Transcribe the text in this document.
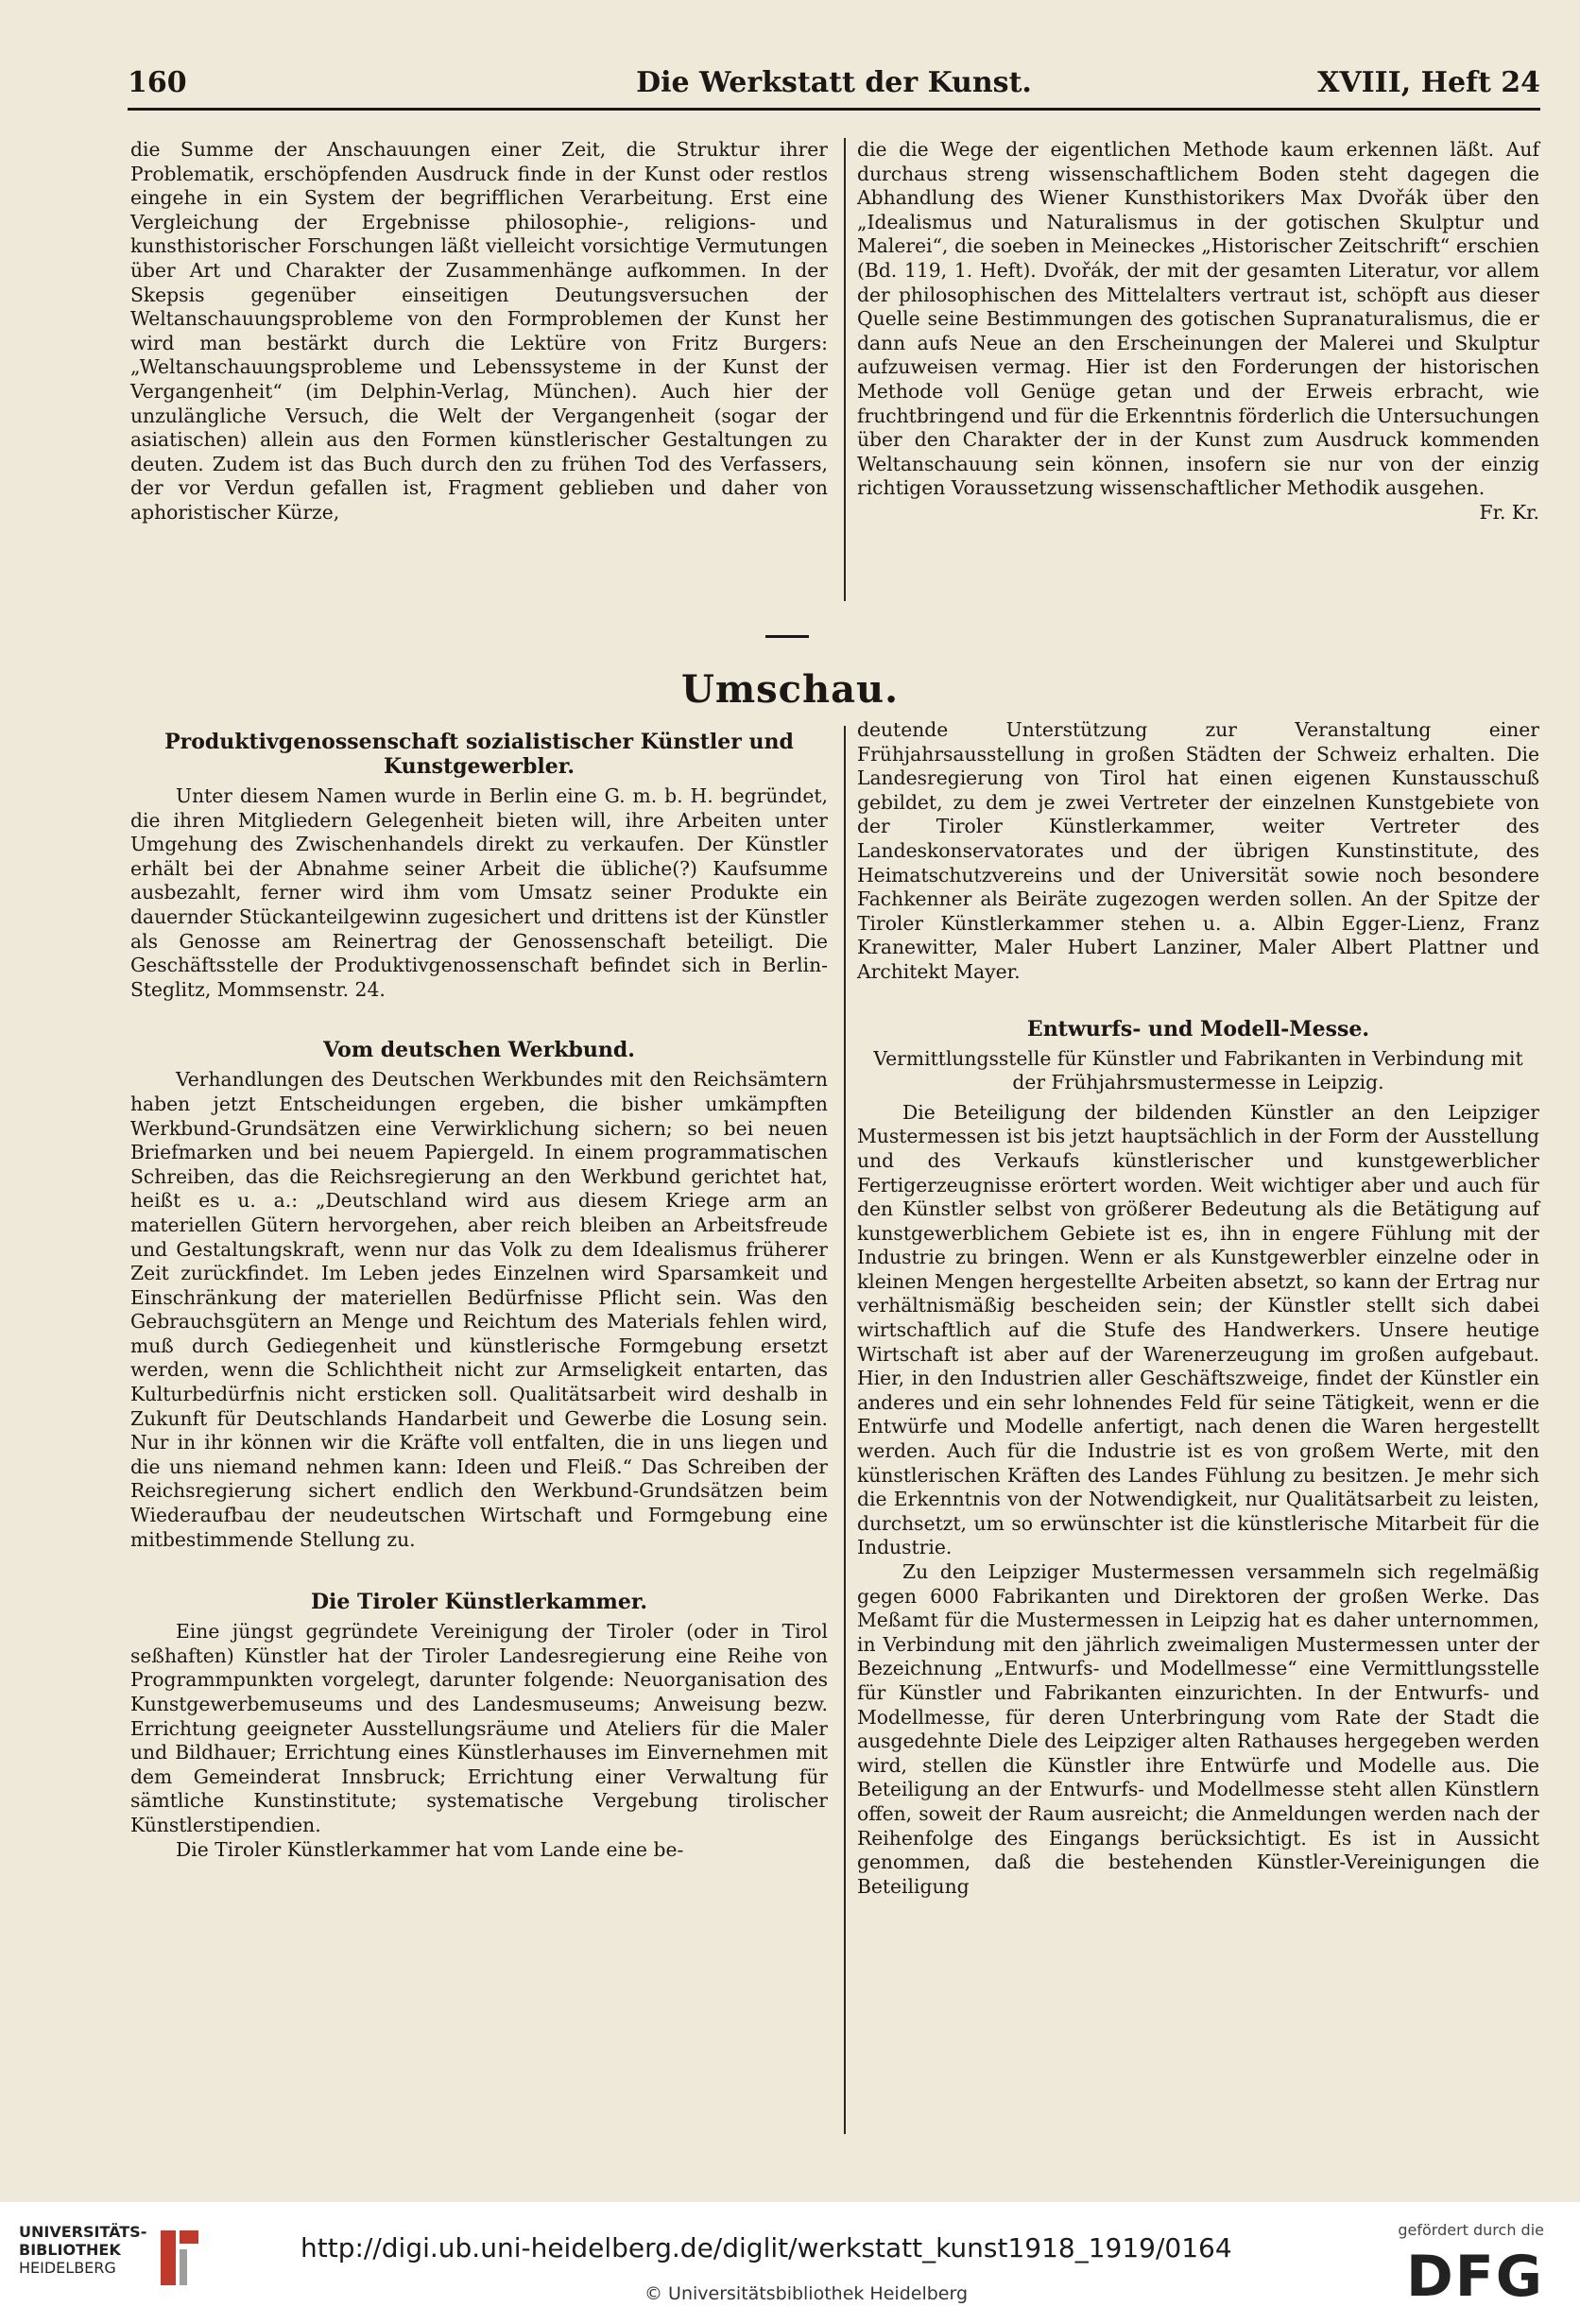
160	Die Werkstatt der Kunst.	XVIII, Heft 24

die Summe der Anschauungen einer Zeit, die Struktur ihrer Problematik, erschöpfenden Ausdruck finde in der Kunst oder restlos eingehe in ein System der begrifflichen Verarbeitung. Erst eine Vergleichung der Ergebnisse philosophie-, religions- und kunsthistorischer Forschungen läßt vielleicht vorsichtige Vermutungen über Art und Charakter der Zusammenhänge aufkommen. In der Skepsis gegenüber einseitigen Deutungsversuchen der Weltanschauungsprobleme von den Formproblemen der Kunst her wird man bestärkt durch die Lektüre von Fritz Burgers: „Weltanschauungsprobleme und Lebenssysteme in der Kunst der Vergangenheit“ (im Delphin-Verlag, München). Auch hier der unzulängliche Versuch, die Welt der Vergangenheit (sogar der asiatischen) allein aus den Formen künstlerischer Gestaltungen zu deuten. Zudem ist das Buch durch den zu frühen Tod des Verfassers, der vor Verdun gefallen ist, Fragment geblieben und daher von aphoristischer Kürze,

die die Wege der eigentlichen Methode kaum erkennen läßt. Auf durchaus streng wissenschaftlichem Boden steht dagegen die Abhandlung des Wiener Kunsthistorikers Max Dvořák über den „Idealismus und Naturalismus in der gotischen Skulptur und Malerei“, die soeben in Meineckes „Historischer Zeitschrift“ erschien (Bd. 119, 1. Heft). Dvořák, der mit der gesamten Literatur, vor allem der philosophischen des Mittelalters vertraut ist, schöpft aus dieser Quelle seine Bestimmungen des gotischen Supranaturalismus, die er dann aufs Neue an den Erscheinungen der Malerei und Skulptur aufzuweisen vermag. Hier ist den Forderungen der historischen Methode voll Genüge getan und der Erweis erbracht, wie fruchtbringend und für die Erkenntnis förderlich die Untersuchungen über den Charakter der in der Kunst zum Ausdruck kommenden Weltanschauung sein können, insofern sie nur von der einzig richtigen Voraussetzung wissenschaftlicher Methodik ausgehen.
Fr. Kr.

Umschau.
Produktivgenossenschaft sozialistischer Künstler und Kunstgewerbler.

Unter diesem Namen wurde in Berlin eine G. m. b. H. begründet, die ihren Mitgliedern Gelegenheit bieten will, ihre Arbeiten unter Umgehung des Zwischenhandels direkt zu verkaufen. Der Künstler erhält bei der Abnahme seiner Arbeit die übliche(?) Kaufsumme ausbezahlt, ferner wird ihm vom Umsatz seiner Produkte ein dauernder Stückanteilgewinn zugesichert und drittens ist der Künstler als Genosse am Reinertrag der Genossenschaft beteiligt. Die Geschäftsstelle der Produktivgenossenschaft befindet sich in Berlin-Steglitz, Mommsenstr. 24.

Vom deutschen Werkbund.

Verhandlungen des Deutschen Werkbundes mit den Reichsämtern haben jetzt Entscheidungen ergeben, die bisher umkämpften Werkbund-Grundsätzen eine Verwirklichung sichern; so bei neuen Briefmarken und bei neuem Papiergeld. In einem programmatischen Schreiben, das die Reichsregierung an den Werkbund gerichtet hat, heißt es u. a.: „Deutschland wird aus diesem Kriege arm an materiellen Gütern hervorgehen, aber reich bleiben an Arbeitsfreude und Gestaltungskraft, wenn nur das Volk zu dem Idealismus früherer Zeit zurückfindet. Im Leben jedes Einzelnen wird Sparsamkeit und Einschränkung der materiellen Bedürfnisse Pflicht sein. Was den Gebrauchsgütern an Menge und Reichtum des Materials fehlen wird, muß durch Gediegenheit und künstlerische Formgebung ersetzt werden, wenn die Schlichtheit nicht zur Armseligkeit entarten, das Kulturbedürfnis nicht ersticken soll. Qualitätsarbeit wird deshalb in Zukunft für Deutschlands Handarbeit und Gewerbe die Losung sein. Nur in ihr können wir die Kräfte voll entfalten, die in uns liegen und die uns niemand nehmen kann: Ideen und Fleiß.“ Das Schreiben der Reichsregierung sichert endlich den Werkbund-Grundsätzen beim Wiederaufbau der neudeutschen Wirtschaft und Formgebung eine mitbestimmende Stellung zu.

Die Tiroler Künstlerkammer.

Eine jüngst gegründete Vereinigung der Tiroler (oder in Tirol seßhaften) Künstler hat der Tiroler Landesregierung eine Reihe von Programmpunkten vorgelegt, darunter folgende: Neuorganisation des Kunstgewerbemuseums und des Landesmuseums; Anweisung bezw. Errichtung geeigneter Ausstellungsräume und Ateliers für die Maler und Bildhauer; Errichtung eines Künstlerhauses im Einvernehmen mit dem Gemeinderat Innsbruck; Errichtung einer Verwaltung für sämtliche Kunstinstitute; systematische Vergebung tirolischer Künstlerstipendien.

Die Tiroler Künstlerkammer hat vom Lande eine be-

deutende Unterstützung zur Veranstaltung einer Frühjahrsausstellung in großen Städten der Schweiz erhalten. Die Landesregierung von Tirol hat einen eigenen Kunstausschuß gebildet, zu dem je zwei Vertreter der einzelnen Kunstgebiete von der Tiroler Künstlerkammer, weiter Vertreter des Landeskonservatorates und der übrigen Kunstinstitute, des Heimatschutzvereins und der Universität sowie noch besondere Fachkenner als Beiräte zugezogen werden sollen. An der Spitze der Tiroler Künstlerkammer stehen u. a. Albin Egger-Lienz, Franz Kranewitter, Maler Hubert Lanziner, Maler Albert Plattner und Architekt Mayer.

Entwurfs- und Modell-Messe.

Vermittlungsstelle für Künstler und Fabrikanten in Verbindung mit der Frühjahrsmustermesse in Leipzig.

Die Beteiligung der bildenden Künstler an den Leipziger Mustermessen ist bis jetzt hauptsächlich in der Form der Ausstellung und des Verkaufs künstlerischer und kunstgewerblicher Fertigerzeugnisse erörtert worden. Weit wichtiger aber und auch für den Künstler selbst von größerer Bedeutung als die Betätigung auf kunstgewerblichem Gebiete ist es, ihn in engere Fühlung mit der Industrie zu bringen. Wenn er als Kunstgewerbler einzelne oder in kleinen Mengen hergestellte Arbeiten absetzt, so kann der Ertrag nur verhältnismäßig bescheiden sein; der Künstler stellt sich dabei wirtschaftlich auf die Stufe des Handwerkers. Unsere heutige Wirtschaft ist aber auf der Warenerzeugung im großen aufgebaut. Hier, in den Industrien aller Geschäftszweige, findet der Künstler ein anderes und ein sehr lohnendes Feld für seine Tätigkeit, wenn er die Entwürfe und Modelle anfertigt, nach denen die Waren hergestellt werden. Auch für die Industrie ist es von großem Werte, mit den künstlerischen Kräften des Landes Fühlung zu besitzen. Je mehr sich die Erkenntnis von der Notwendigkeit, nur Qualitätsarbeit zu leisten, durchsetzt, um so erwünschter ist die künstlerische Mitarbeit für die Industrie.

Zu den Leipziger Mustermessen versammeln sich regelmäßig gegen 6000 Fabrikanten und Direktoren der großen Werke. Das Meßamt für die Mustermessen in Leipzig hat es daher unternommen, in Verbindung mit den jährlich zweimaligen Mustermessen unter der Bezeichnung „Entwurfs- und Modellmesse“ eine Vermittlungsstelle für Künstler und Fabrikanten einzurichten. In der Entwurfs- und Modellmesse, für deren Unterbringung vom Rate der Stadt die ausgedehnte Diele des Leipziger alten Rathauses hergegeben werden wird, stellen die Künstler ihre Entwürfe und Modelle aus. Die Beteiligung an der Entwurfs- und Modellmesse steht allen Künstlern offen, soweit der Raum ausreicht; die Anmeldungen werden nach der Reihenfolge des Eingangs berücksichtigt. Es ist in Aussicht genommen, daß die bestehenden Künstler-Vereinigungen die Beteiligung

UNIVERSITÄTS-
BIBLIOTHEK
HEIDELBERG
http://digi.ub.uni-heidelberg.de/diglit/werkstatt_kunst1918_1919/0164
© Universitätsbibliothek Heidelberg
gefördert durch die
DFG
